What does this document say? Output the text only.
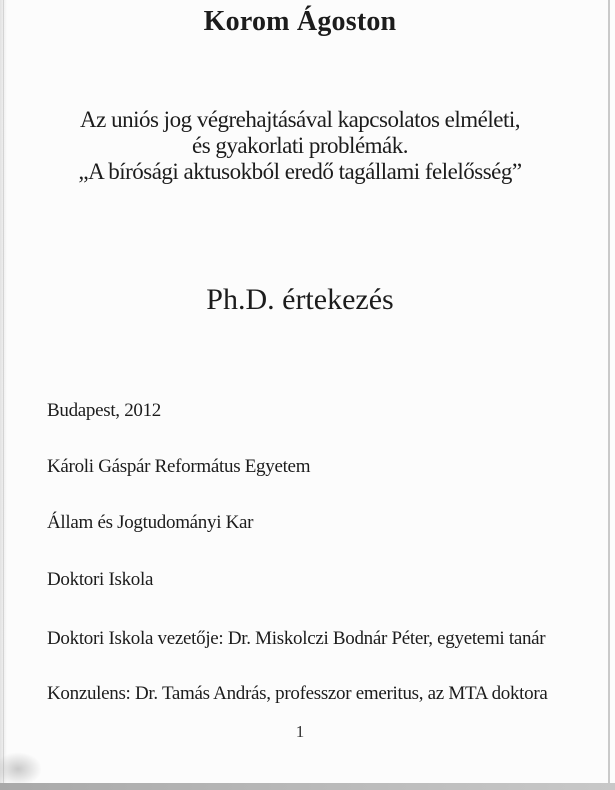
Korom Ágoston
Az uniós jog végrehajtásával kapcsolatos elméleti,
és gyakorlati problémák.
„A bírósági aktusokból eredő tagállami felelősség”
Ph.D. értekezés
Budapest, 2012
Károli Gáspár Református Egyetem
Állam és Jogtudományi Kar
Doktori Iskola
Doktori Iskola vezetője: Dr. Miskolczi Bodnár Péter, egyetemi tanár
Konzulens: Dr. Tamás András, professzor emeritus, az MTA doktora
1
